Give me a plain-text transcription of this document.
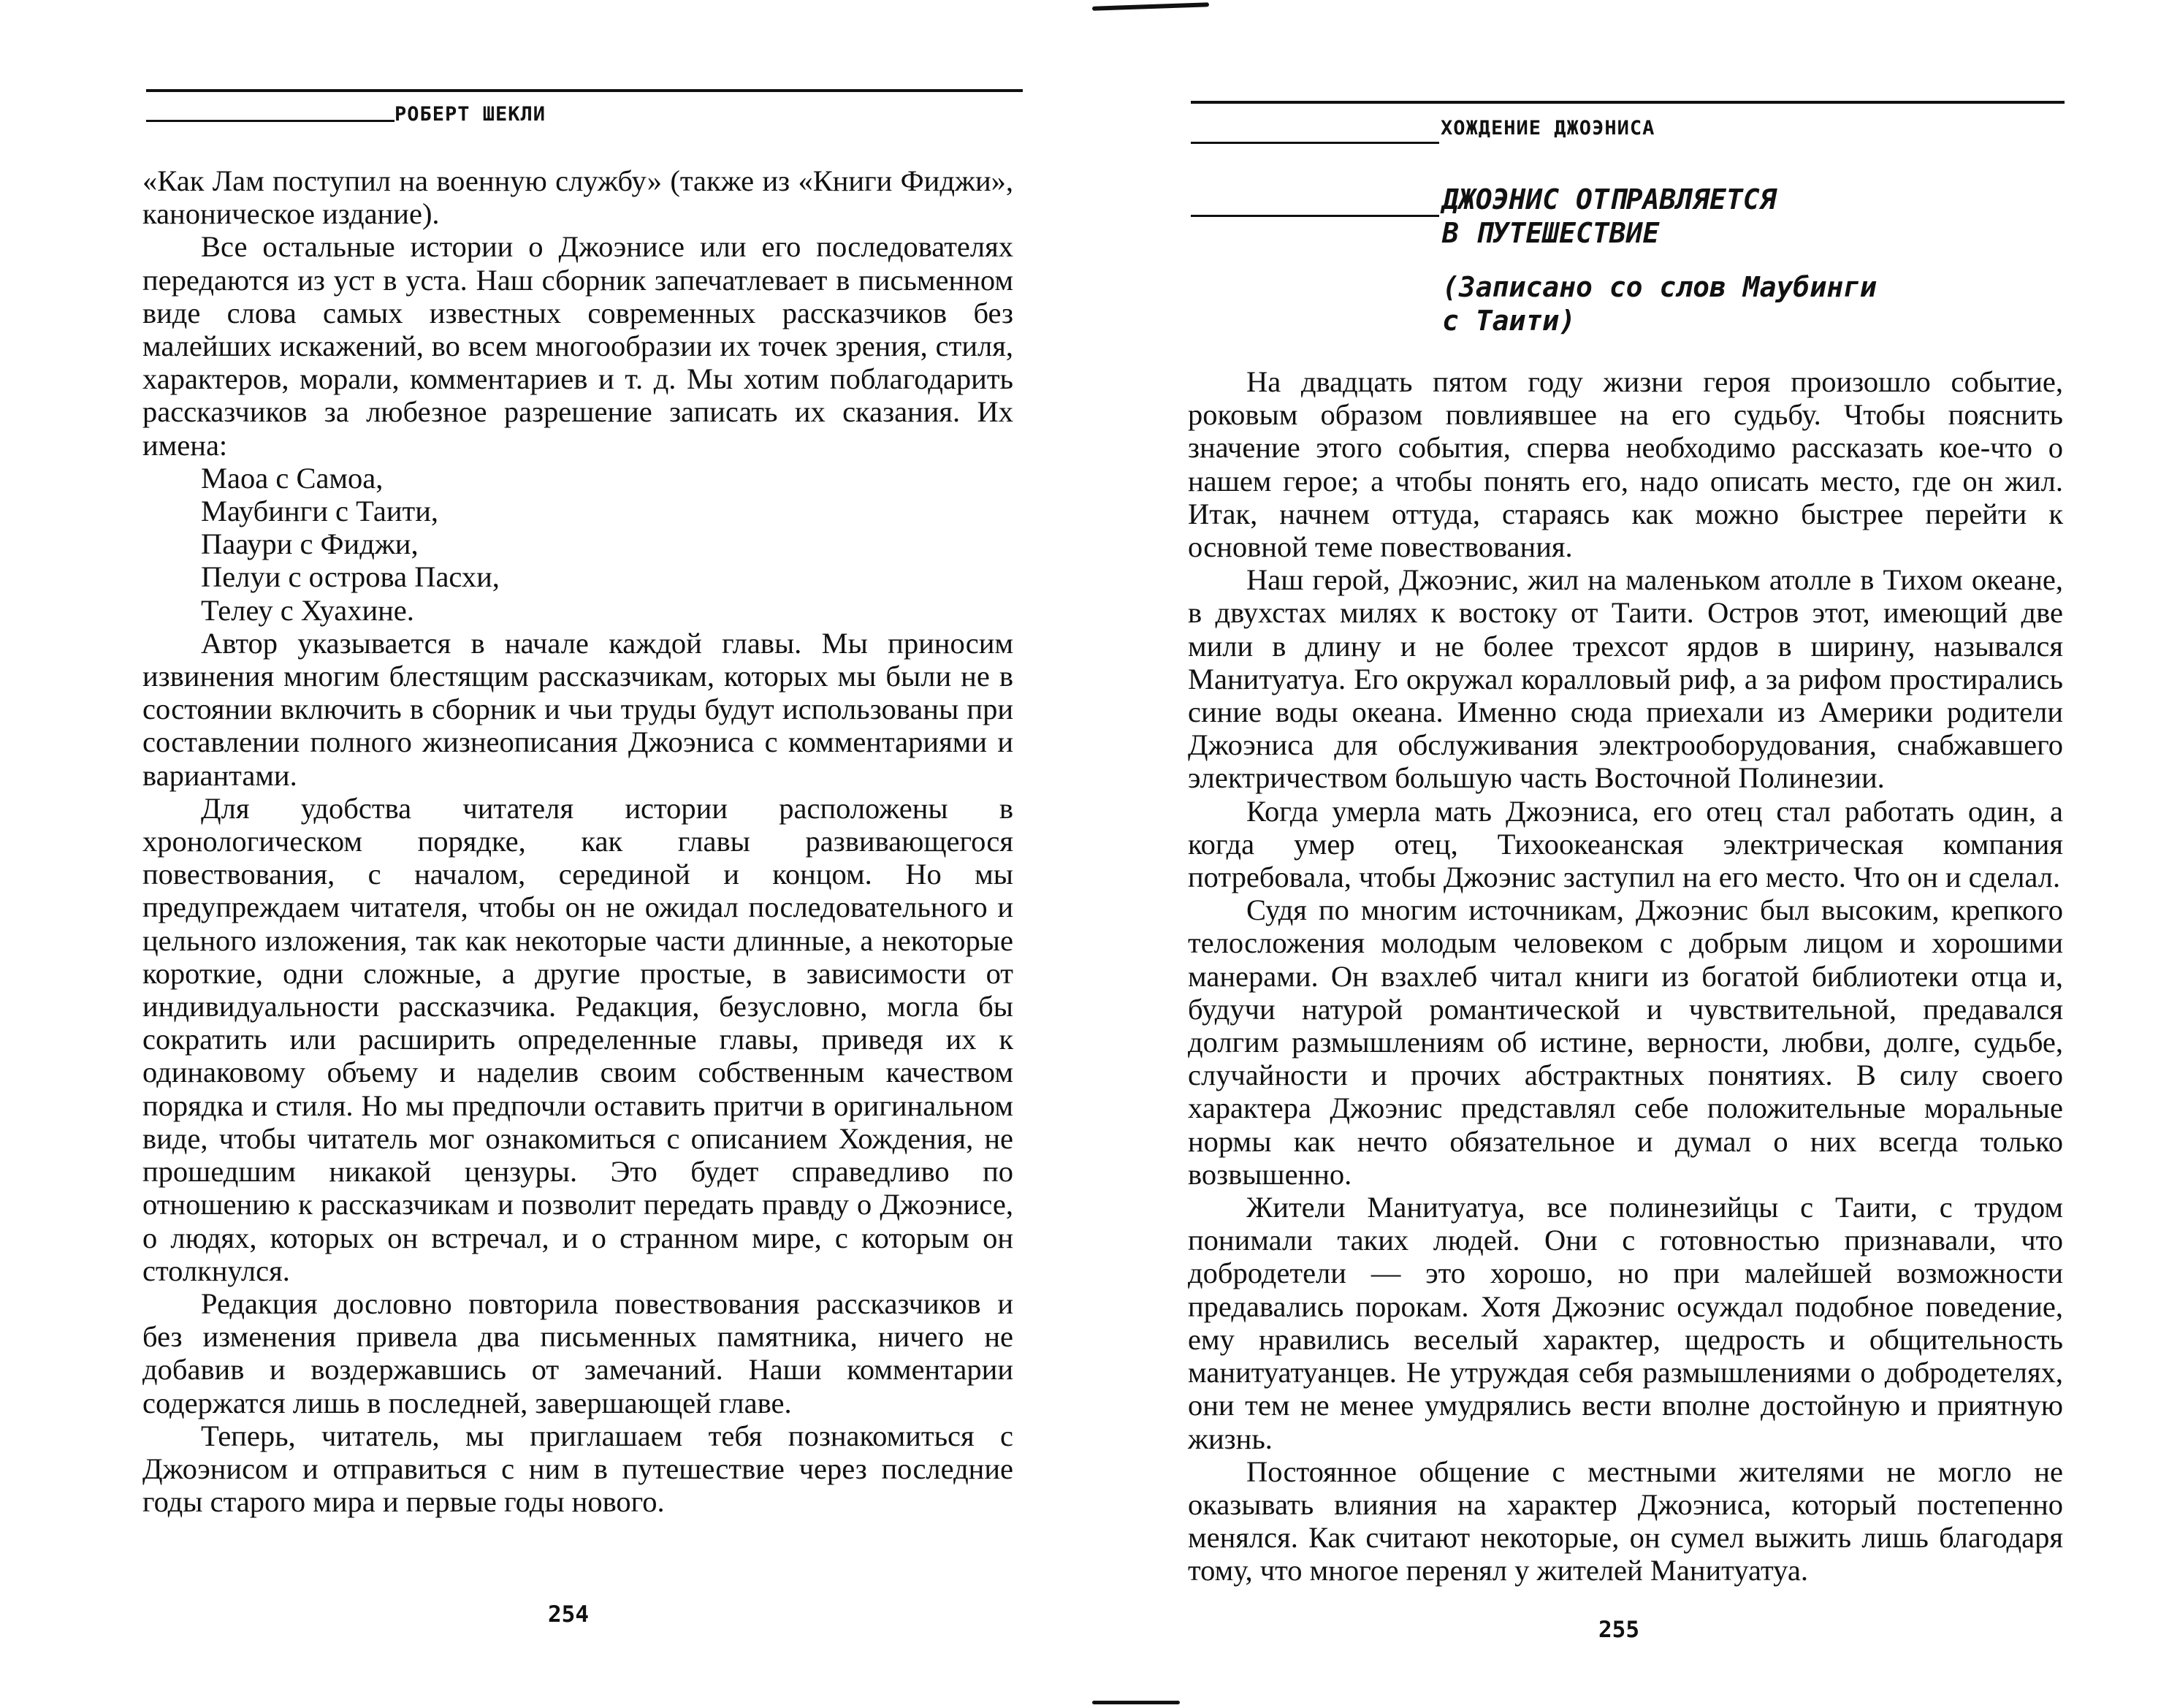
РОБЕРТ ШЕКЛИ

«Как Лам поступил на военную службу» (также из «Книги Фиджи», каноническое издание).

Все остальные истории о Джоэнисе или его последователях передаются из уст в уста. Наш сборник запечатлевает в письменном виде слова самых известных современных рассказчиков без малейших искажений, во всем многообразии их точек зрения, стиля, характеров, морали, комментариев и т. д. Мы хотим поблагодарить рассказчиков за любезное разрешение записать их сказания. Их имена:

Маоа с Самоа,
Маубинги с Таити,
Пааури с Фиджи,
Пелуи с острова Пасхи,
Телеу с Хуахине.

Автор указывается в начале каждой главы. Мы приносим извинения многим блестящим рассказчикам, которых мы были не в состоянии включить в сборник и чьи труды будут использованы при составлении полного жизнеописания Джоэниса с комментариями и вариантами.

Для удобства читателя истории расположены в хронологическом порядке, как главы развивающегося повествования, с началом, серединой и концом. Но мы предупреждаем читателя, чтобы он не ожидал последовательного и цельного изложения, так как некоторые части длинные, а некоторые короткие, одни сложные, а другие простые, в зависимости от индивидуальности рассказчика. Редакция, безусловно, могла бы сократить или расширить определенные главы, приведя их к одинаковому объему и наделив своим собственным качеством порядка и стиля. Но мы предпочли оставить притчи в оригинальном виде, чтобы читатель мог ознакомиться с описанием Хождения, не прошедшим никакой цензуры. Это будет справедливо по отношению к рассказчикам и позволит передать правду о Джоэнисе, о людях, которых он встречал, и о странном мире, с которым он столкнулся.

Редакция дословно повторила повествования рассказчиков и без изменения привела два письменных памятника, ничего не добавив и воздержавшись от замечаний. Наши комментарии содержатся лишь в последней, завершающей главе.

Теперь, читатель, мы приглашаем тебя познакомиться с Джоэнисом и отправиться с ним в путешествие через последние годы старого мира и первые годы нового.

254
ХОЖДЕНИЕ ДЖОЭНИСА
ДЖОЭНИС ОТПРАВЛЯЕТСЯ
В ПУТЕШЕСТВИЕ
(Записано со слов Маубинги
с Таити)

На двадцать пятом году жизни героя произошло событие, роковым образом повлиявшее на его судьбу. Чтобы пояснить значение этого события, сперва необходимо рассказать кое-что о нашем герое; а чтобы понять его, надо описать место, где он жил. Итак, начнем оттуда, стараясь как можно быстрее перейти к основной теме повествования.

Наш герой, Джоэнис, жил на маленьком атолле в Тихом океане, в двухстах милях к востоку от Таити. Остров этот, имеющий две мили в длину и не более трехсот ярдов в ширину, назывался Манитуатуа. Его окружал коралловый риф, а за рифом простирались синие воды океана. Именно сюда приехали из Америки родители Джоэниса для обслуживания электрооборудования, снабжавшего электричеством большую часть Восточной Полинезии.

Когда умерла мать Джоэниса, его отец стал работать один, а когда умер отец, Тихоокеанская электрическая компания потребовала, чтобы Джоэнис заступил на его место. Что он и сделал.

Судя по многим источникам, Джоэнис был высоким, крепкого телосложения молодым человеком с добрым лицом и хорошими манерами. Он взахлеб читал книги из богатой библиотеки отца и, будучи натурой романтической и чувствительной, предавался долгим размышлениям об истине, верности, любви, долге, судьбе, случайности и прочих абстрактных понятиях. В силу своего характера Джоэнис представлял себе положительные моральные нормы как нечто обязательное и думал о них всегда только возвышенно.

Жители Манитуатуа, все полинезийцы с Таити, с трудом понимали таких людей. Они с готовностью признавали, что добродетели — это хорошо, но при малейшей возможности предавались порокам. Хотя Джоэнис осуждал подобное поведение, ему нравились веселый характер, щедрость и общительность манитуатуанцев. Не утруждая себя размышлениями о добродетелях, они тем не менее умудрялись вести вполне достойную и приятную жизнь.

Постоянное общение с местными жителями не могло не оказывать влияния на характер Джоэниса, который постепенно менялся. Как считают некоторые, он сумел выжить лишь благодаря тому, что многое перенял у жителей Манитуатуа.

255
